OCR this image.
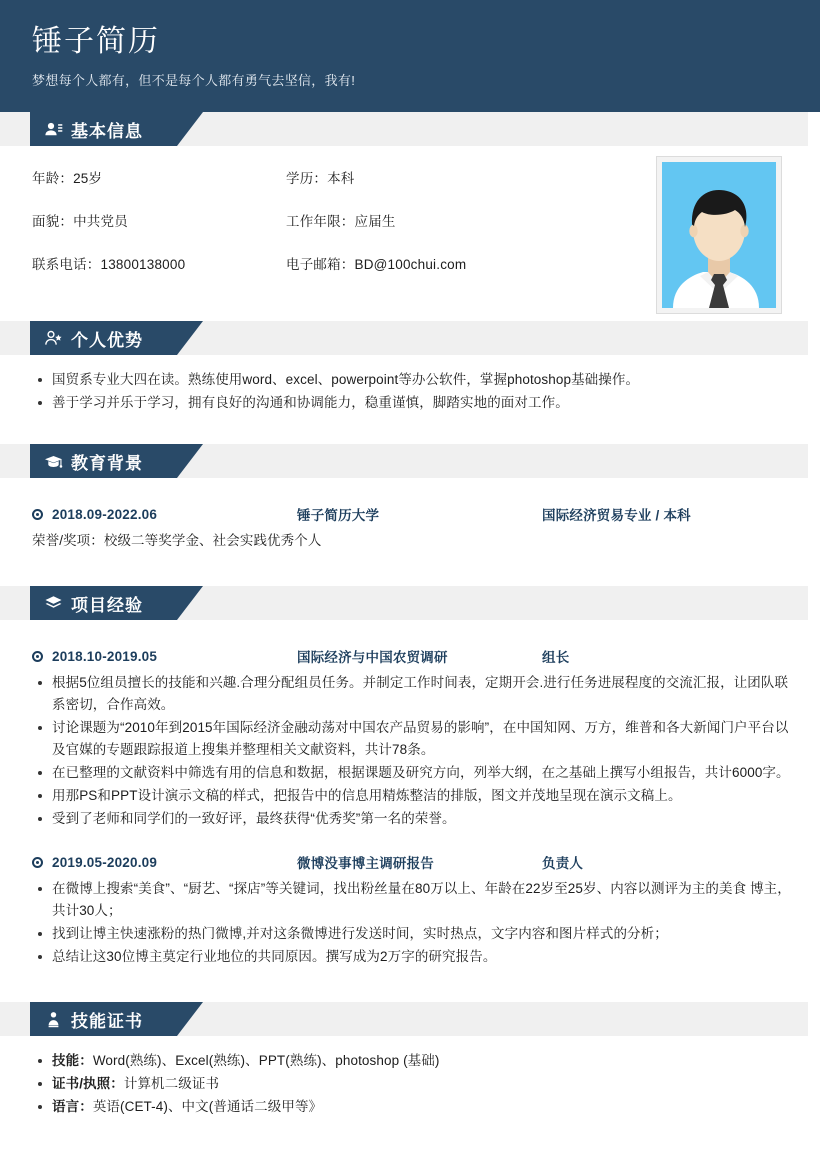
锤子简历
梦想每个人都有，但不是每个人都有勇气去坚信，我有!
基本信息
年龄：25岁	学历：本科
面貌：中共党员	工作年限：应届生
联系电话：13800138000	电子邮箱：BD@100chui.com
个人优势
国贸系专业大四在读。熟练使用word、excel、powerpoint等办公软件，掌握photoshop基础操作。
善于学习并乐于学习，拥有良好的沟通和协调能力，稳重谨慎，脚踏实地的面对工作。
教育背景
2018.09-2022.06	锤子简历大学	国际经济贸易专业 / 本科
荣誉/奖项：校级二等奖学金、社会实践优秀个人
项目经验
2018.10-2019.05	国际经济与中国农贸调研	组长
根据5位组员擅长的技能和兴趣.合理分配组员任务。并制定工作时间表，定期开会.进行任务进展程度的交流汇报，让团队联系密切，合作高效。
讨论课题为“2010年到2015年国际经济金融动荡对中国农产品贸易的影响”，在中国知网、万方，维普和各大新闻门户平台以 及官媒的专题跟踪报道上搜集并整理相关文献资料，共计78条。
在已整理的文献资料中筛选有用的信息和数据，根据课题及研究方向，列举大纲，在之基础上撰写小组报告，共计6000字。
用那PS和PPT设计演示文稿的样式，把报告中的信息用精炼整洁的排版，图文并茂地呈现在演示文稿上。
受到了老师和同学们的一致好评，最终获得“优秀奖”第一名的荣誉。
2019.05-2020.09	微博没事博主调研报告	负责人
在微博上搜索“美食”、“厨艺、“探店”等关键词，找出粉丝量在80万以上、年龄在22岁至25岁、内容以测评为主的美食 博主，共计30人；
找到让博主快速涨粉的热门微博,并对这条微博进行发送时间，实时热点，文字内容和图片样式的分析；
总结让这30位博主莫定行业地位的共同原因。撰写成为2万字的研究报告。
技能证书
技能：Word(熟练)、Excel(熟练)、PPT(熟练)、photoshop (基础)
证书/执照：计算机二级证书
语言：英语(CET-4)、中文(普通话二级甲等》
